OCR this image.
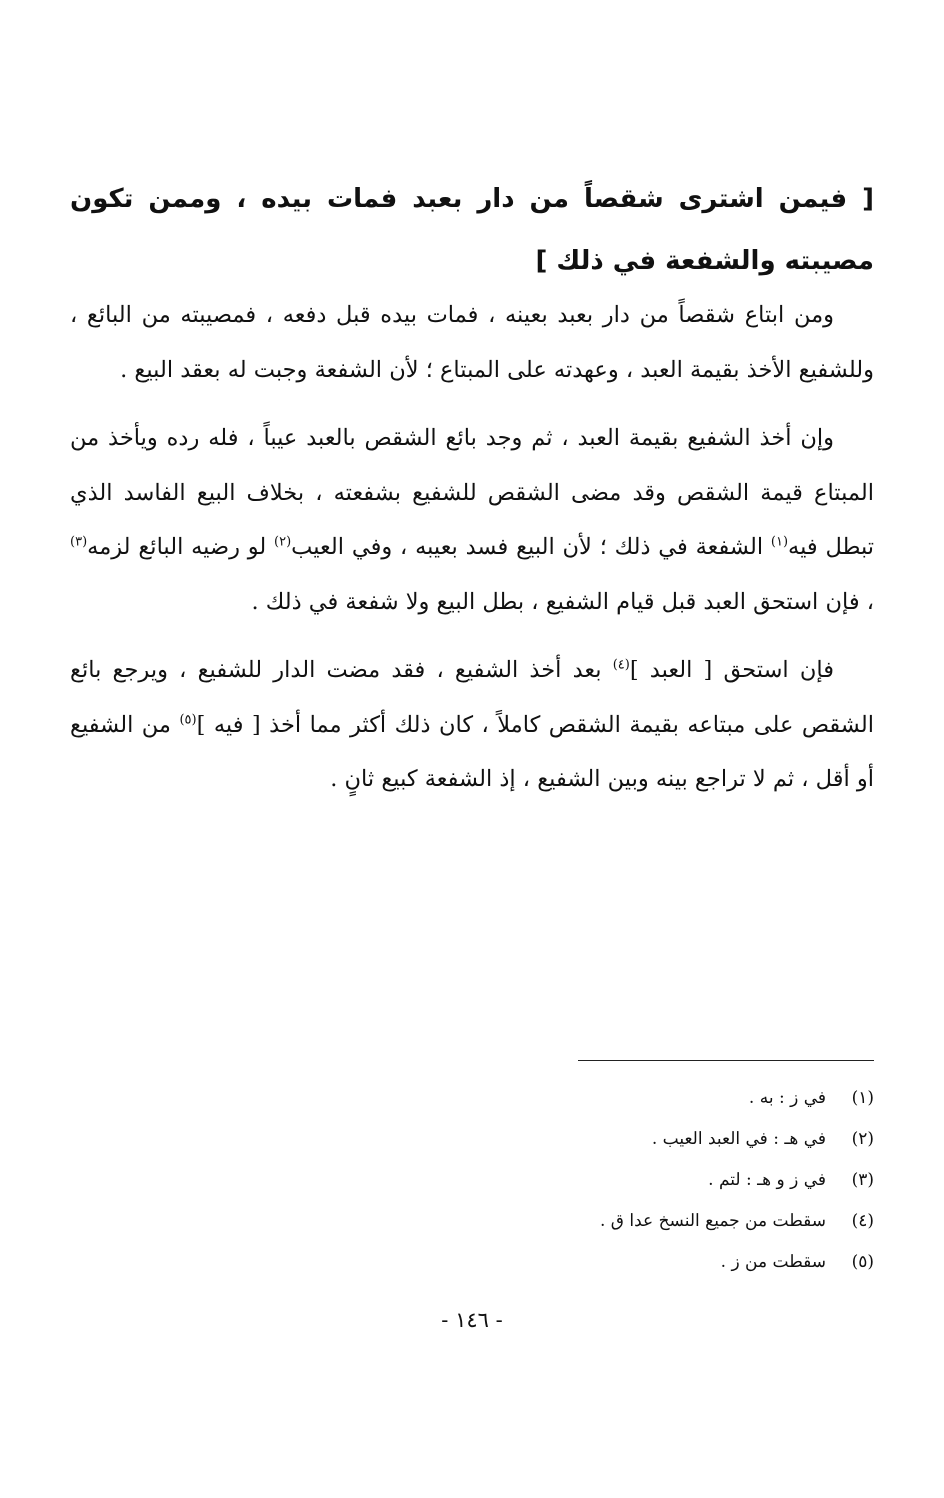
[ فيمن اشترى شقصاً من دار بعبد فمات بيده ، وممن تكون مصيبته والشفعة في ذلك ]

ومن ابتاع شقصاً من دار بعبد بعينه ، فمات بيده قبل دفعه ، فمصيبته من البائع ، وللشفيع الأخذ بقيمة العبد ، وعهدته على المبتاع ؛ لأن الشفعة وجبت له بعقد البيع .

وإن أخذ الشفيع بقيمة العبد ، ثم وجد بائع الشقص بالعبد عيباً ، فله رده ويأخذ من المبتاع قيمة الشقص وقد مضى الشقص للشفيع بشفعته ، بخلاف البيع الفاسد الذي تبطل فيه$^{(١)}$ الشفعة في ذلك ؛ لأن البيع فسد بعيبه ، وفي العيب$^{(٢)}$ لو رضيه البائع لزمه$^{(٣)}$ ، فإن استحق العبد قبل قيام الشفيع ، بطل البيع ولا شفعة في ذلك .

فإن استحق [ العبد ]$^{(٤)}$ بعد أخذ الشفيع ، فقد مضت الدار للشفيع ، ويرجع بائع الشقص على مبتاعه بقيمة الشقص كاملاً ، كان ذلك أكثر مما أخذ [ فيه ]$^{(٥)}$ من الشفيع أو أقل ، ثم لا تراجع بينه وبين الشفيع ، إذ الشفعة كبيع ثانٍ .

(١)
في ز : به .
(٢)
في هـ : في العبد العيب .
(٣)
في ز و هـ : لتم .
(٤)
سقطت من جميع النسخ عدا ق .
(٥)
سقطت من ز .
- ١٤٦ -
